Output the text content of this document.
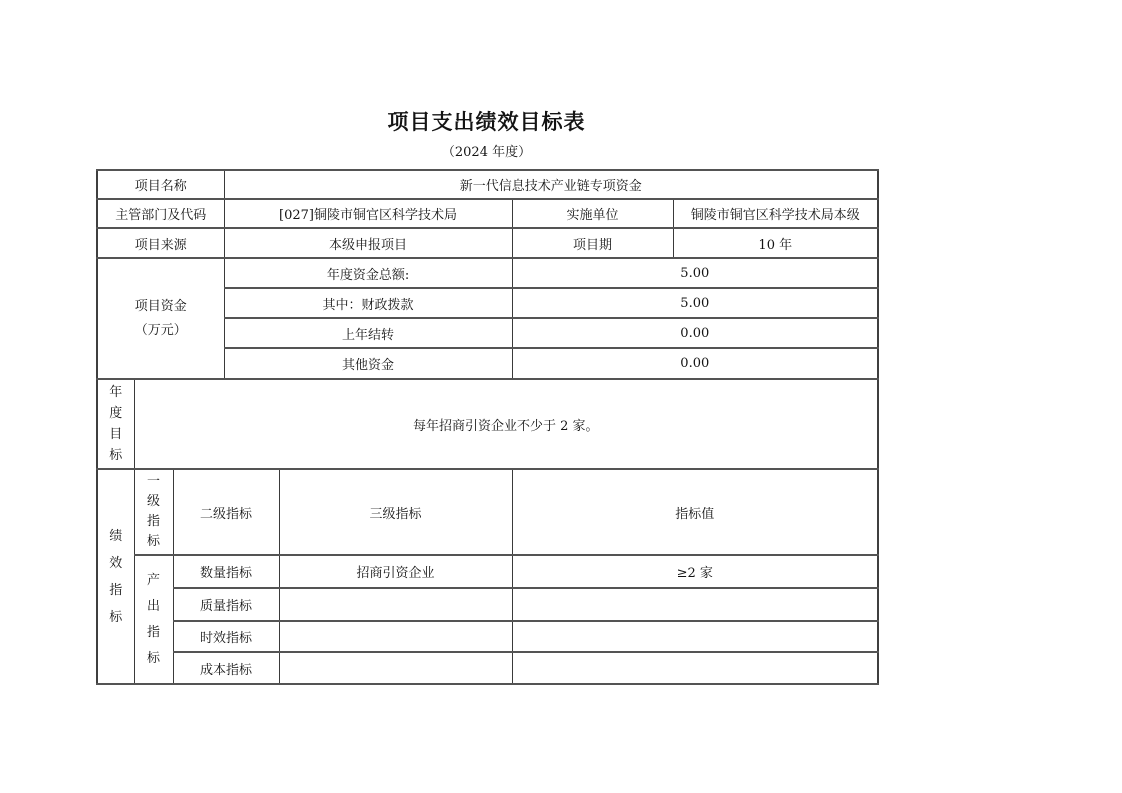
项目支出绩效目标表
（2024 年度）
项目名称			新一代信息技术产业链专项资金			
主管部门及代码			[027]铜陵市铜官区科学技术局		实施单位	铜陵市铜官区科学技术局本级
项目来源			本级申报项目		项目期	10 年

项目资金
（万元）			年度资金总额:		5.00	
			其中：财政拨款		5.00	
			上年结转		0.00	
			其他资金		0.00	
年度目标	每年招商引资企业不少于 2 家。					
绩效指标	一级指标	二级指标		三级指标	指标值	
	产出指标	数量指标		招商引资企业	≥2 家	
		质量指标				
		时效指标				
		成本指标				
